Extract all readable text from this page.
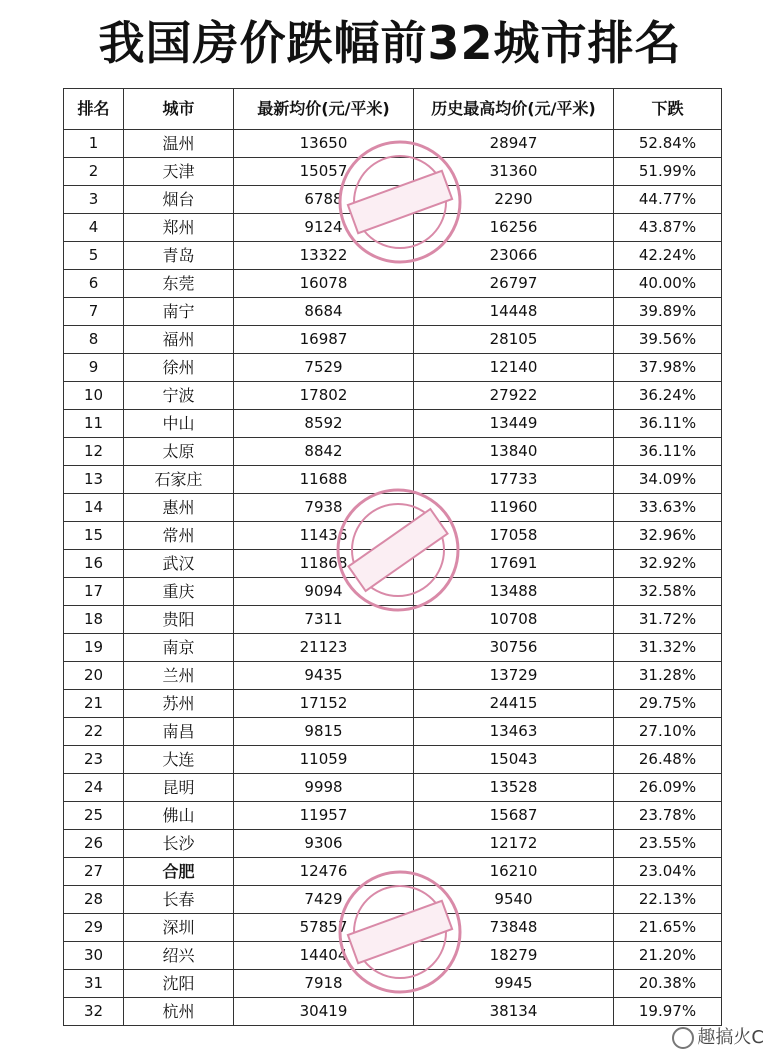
我国房价跌幅前32城市排名
排名	城市	最新均价(元/平米)	历史最高均价(元/平米)	下跌
1	温州	13650	28947	52.84%
2	天津	15057	31360	51.99%
3	烟台	6788	2290	44.77%
4	郑州	9124	16256	43.87%
5	青岛	13322	23066	42.24%
6	东莞	16078	26797	40.00%
7	南宁	8684	14448	39.89%
8	福州	16987	28105	39.56%
9	徐州	7529	12140	37.98%
10	宁波	17802	27922	36.24%
11	中山	8592	13449	36.11%
12	太原	8842	13840	36.11%
13	石家庄	11688	17733	34.09%
14	惠州	7938	11960	33.63%
15	常州	11436	17058	32.96%
16	武汉	11868	17691	32.92%
17	重庆	9094	13488	32.58%
18	贵阳	7311	10708	31.72%
19	南京	21123	30756	31.32%
20	兰州	9435	13729	31.28%
21	苏州	17152	24415	29.75%
22	南昌	9815	13463	27.10%
23	大连	11059	15043	26.48%
24	昆明	9998	13528	26.09%
25	佛山	11957	15687	23.78%
26	长沙	9306	12172	23.55%
27	合肥	12476	16210	23.04%
28	长春	7429	9540	22.13%
29	深圳	57857	73848	21.65%
30	绍兴	14404	18279	21.20%
31	沈阳	7918	9945	20.38%
32	杭州	30419	38134	19.97%
趣搞火C
